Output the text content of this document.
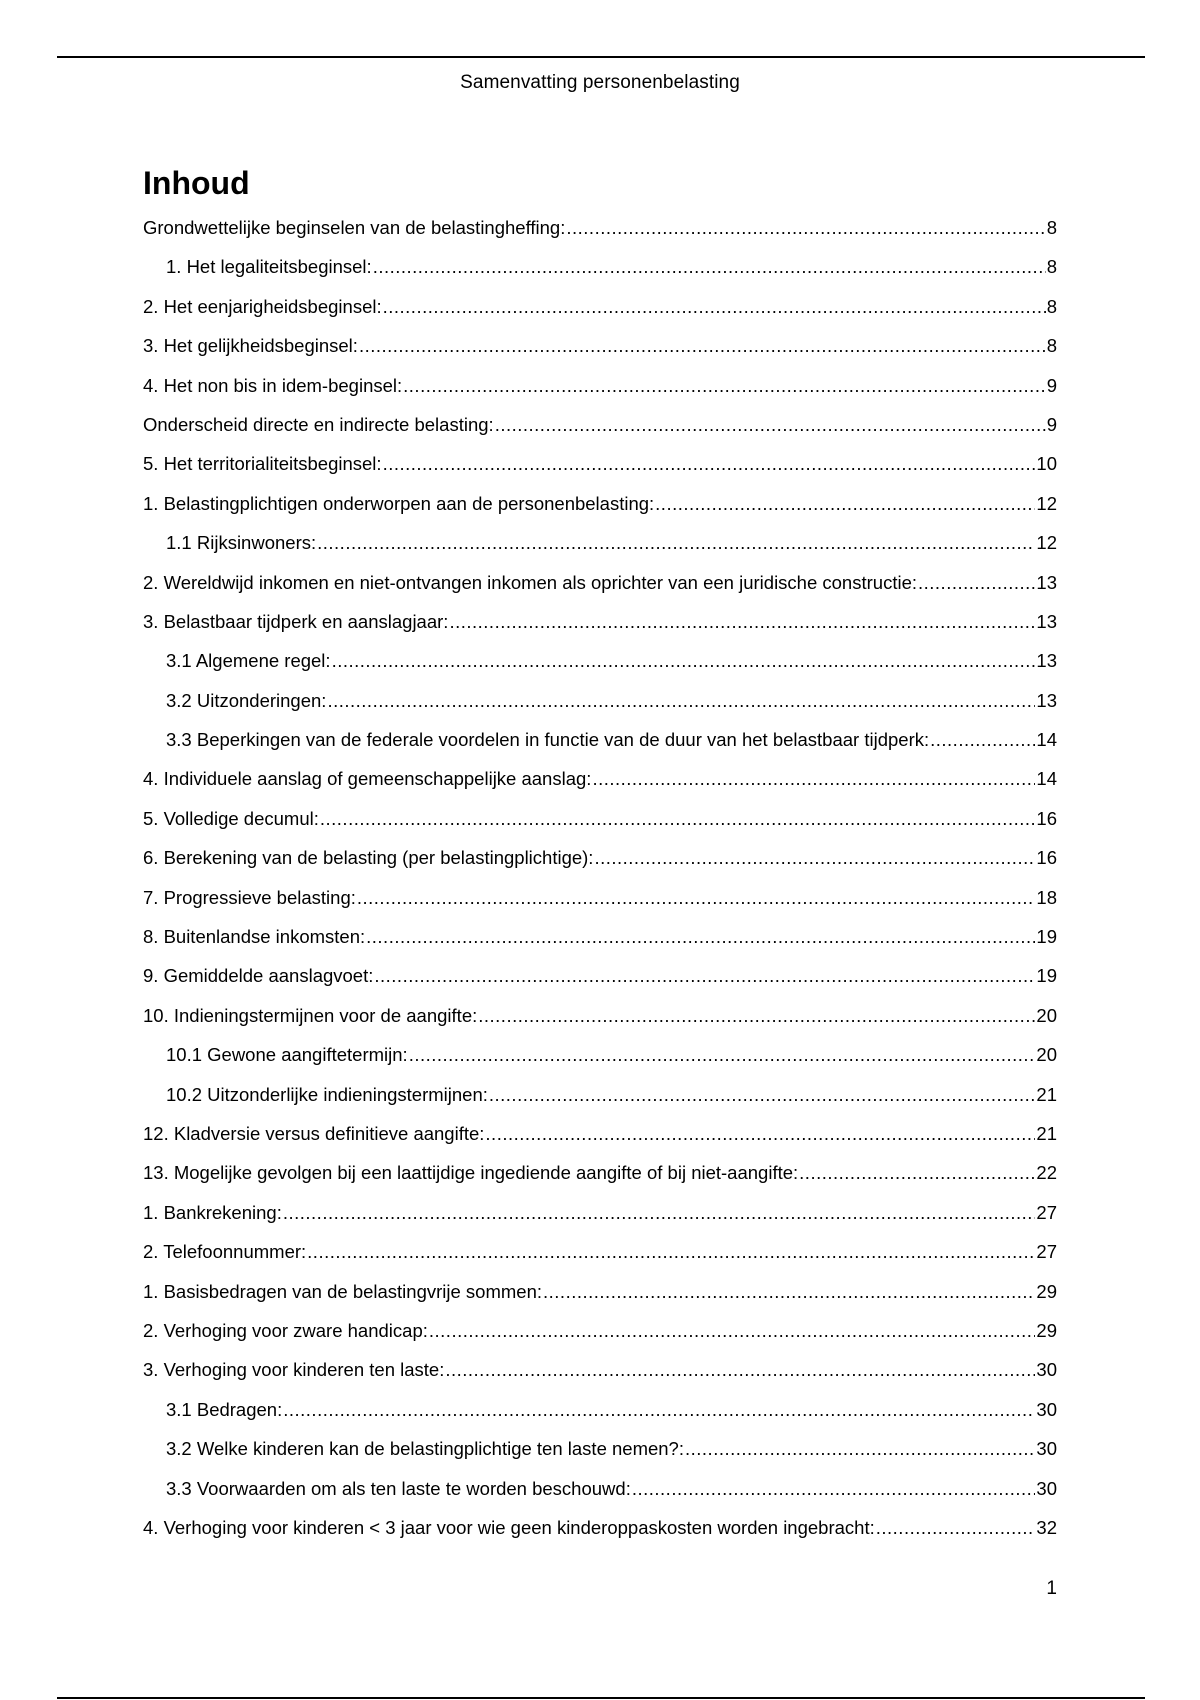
Samenvatting personenbelasting
Inhoud
Grondwettelijke beginselen van de belastingheffing: .....	8
1. Het legaliteitsbeginsel: .....	8
2. Het eenjarigheidsbeginsel: .....	8
3. Het gelijkheidsbeginsel: .....	8
4. Het non bis in idem-beginsel: .....	9
Onderscheid directe en indirecte belasting: .....	9
5. Het territorialiteitsbeginsel: .....	10
1. Belastingplichtigen onderworpen aan de personenbelasting: .....	12
1.1 Rijksinwoners: .....	12
2. Wereldwijd inkomen en niet-ontvangen inkomen als oprichter van een juridische constructie: .....	13
3. Belastbaar tijdperk en aanslagjaar: .....	13
3.1 Algemene regel: .....	13
3.2 Uitzonderingen: .....	13
3.3 Beperkingen van de federale voordelen in functie van de duur van het belastbaar tijdperk: .....	14
4. Individuele aanslag of gemeenschappelijke aanslag: .....	14
5. Volledige decumul: .....	16
6. Berekening van de belasting (per belastingplichtige): .....	16
7. Progressieve belasting: .....	18
8. Buitenlandse inkomsten: .....	19
9. Gemiddelde aanslagvoet: .....	19
10. Indieningstermijnen voor de aangifte: .....	20
10.1 Gewone aangiftetermijn: .....	20
10.2 Uitzonderlijke indieningstermijnen: .....	21
12. Kladversie versus definitieve aangifte: .....	21
13. Mogelijke gevolgen bij een laattijdige ingediende aangifte of bij niet-aangifte: .....	22
1. Bankrekening: .....	27
2. Telefoonnummer: .....	27
1. Basisbedragen van de belastingvrije sommen: .....	29
2. Verhoging voor zware handicap: .....	29
3. Verhoging voor kinderen ten laste: .....	30
3.1 Bedragen: .....	30
3.2 Welke kinderen kan de belastingplichtige ten laste nemen?: .....	30
3.3 Voorwaarden om als ten laste te worden beschouwd: .....	30
4. Verhoging voor kinderen < 3 jaar voor wie geen kinderoppaskosten worden ingebracht: .....	32
1
